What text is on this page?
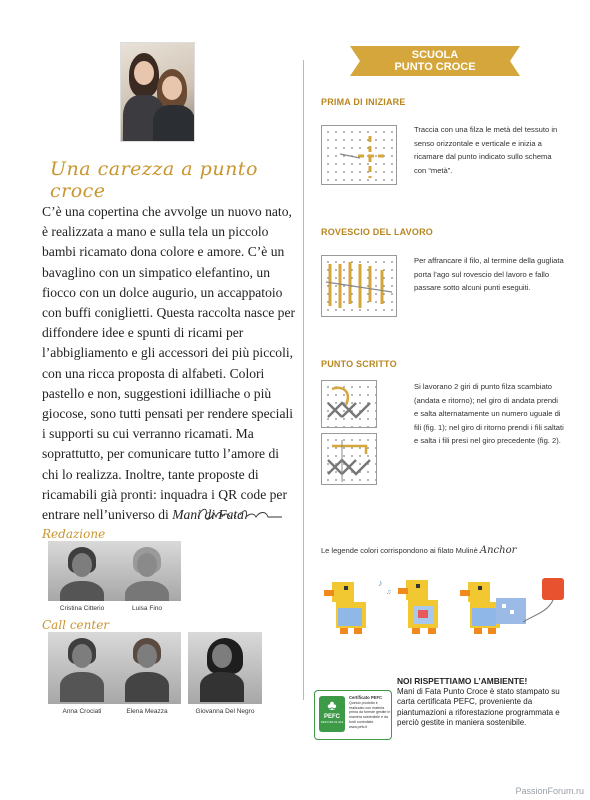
Una carezza a punto croce
C’è una copertina che avvolge un nuovo nato, è realizzata a mano e sulla tela un piccolo bambi ricamato dona colore e amore. C’è un bavaglino con un simpatico elefantino, un fiocco con un dolce augurio, un accappatoio con buffi coniglietti. Questa raccolta nasce per diffondere idee e spunti di ricami per l’abbigliamento e gli accessori dei più piccoli, con una ricca proposta di alfabeti. Colori pastello e non, suggestioni idilliache o più giocose, sono tutti pensati per rendere speciali i supporti su cui verranno ricamati. Ma soprattutto, per comunicare tutto l’amore di chi lo realizza. Inoltre, tante proposte di ricamabili già pronti: inquadra i QR code per entrare nell’universo di Mani di Fata.
Giulia e Diana
Redazione
Cristina Citterio	Luisa Fino
Call center
Anna Crociati	Elena Meazza	Giovanna Del Negro
SCUOLA
PUNTO CROCE
PRIMA DI INIZIARE
Traccia con una filza le metà del tessuto in senso orizzontale e verticale e inizia a ricamare dal punto indicato sullo schema con “metà”.
ROVESCIO DEL LAVORO
Per affrancare il filo, al termine della gugliata porta l’ago sul rovescio del lavoro e fallo passare sotto alcuni punti eseguiti.
PUNTO SCRITTO
Si lavorano 2 giri di punto filza scambiato (andata e ritorno); nel giro di andata prendi e salta alternatamente un numero uguale di fili (fig. 1); nel giro di ritorno prendi i fili saltati e salta i fili presi nel giro precedente (fig. 2).
Le legende colori corrispondono ai filato Mulinè Anchor
♪
♫
♣
PEFC
PEFC/18-31-319
Certificato PEFC
Questo prodotto è realizzato con materia prima da foreste gestite in maniera sostenibile e da fonti controllate
www.pefc.it
NOI RISPETTIAMO L’AMBIENTE!
Mani di Fata Punto Croce è stato stampato su carta certificata PEFC, proveniente da piantumazioni a riforestazione programmata e perciò gestite in maniera sostenibile.
PassionForum.ru
